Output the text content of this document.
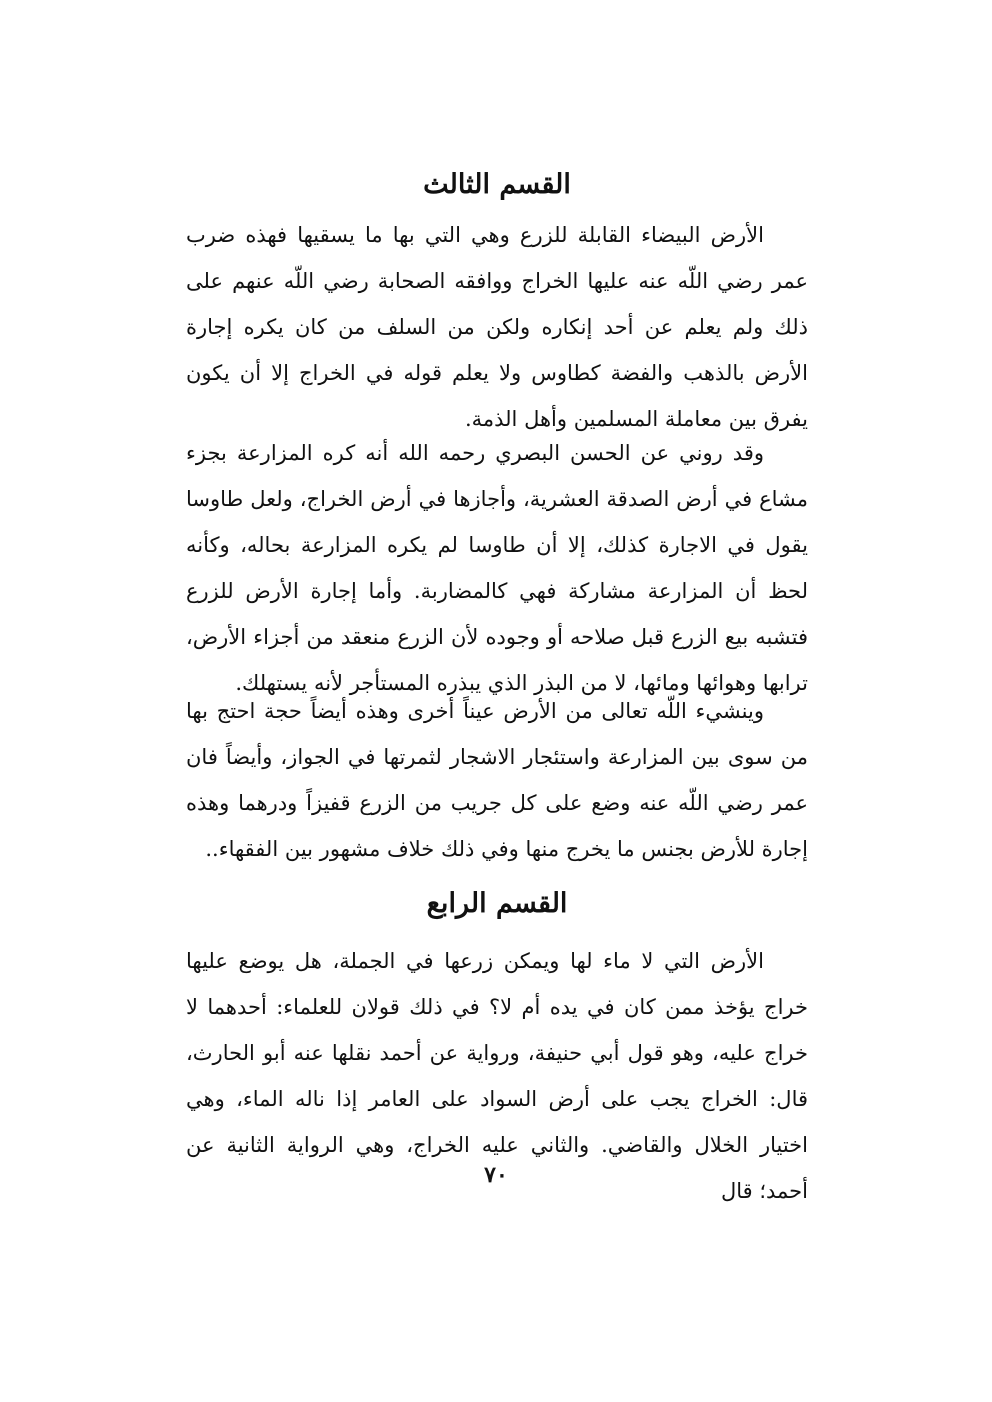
القسم الثالث

الأرض البيضاء القابلة للزرع وهي التي بها ما يسقيها فهذه ضرب عمر رضي اللّه عنه عليها الخراج ووافقه الصحابة رضي اللّه عنهم على ذلك ولم يعلم عن أحد إنكاره ولكن من السلف من كان يكره إجارة الأرض بالذهب والفضة كطاوس ولا يعلم قوله في الخراج إلا أن يكون يفرق بين معاملة المسلمين وأهل الذمة.

وقد روني عن الحسن البصري رحمه الله أنه كره المزارعة بجزء مشاع في أرض الصدقة العشرية، وأجازها في أرض الخراج، ولعل طاوسا يقول في الاجارة كذلك، إلا أن طاوسا لم يكره المزارعة بحاله، وكأنه لحظ أن المزارعة مشاركة فهي كالمضاربة. وأما إجارة الأرض للزرع فتشبه بيع الزرع قبل صلاحه أو وجوده لأن الزرع منعقد من أجزاء الأرض، ترابها وهوائها ومائها، لا من البذر الذي يبذره المستأجر لأنه يستهلك.

وينشيء اللّه تعالى من الأرض عيناً أخرى وهذه أيضاً حجة احتج بها من سوى بين المزارعة واستئجار الاشجار لثمرتها في الجواز، وأيضاً فان عمر رضي اللّه عنه وضع على كل جريب من الزرع قفيزاً ودرهما وهذه إجارة للأرض بجنس ما يخرج منها وفي ذلك خلاف مشهور بين الفقهاء..

القسم الرابع

الأرض التي لا ماء لها ويمكن زرعها في الجملة، هل يوضع عليها خراج يؤخذ ممن كان في يده أم لا؟ في ذلك قولان للعلماء: أحدهما لا خراج عليه، وهو قول أبي حنيفة، ورواية عن أحمد نقلها عنه أبو الحارث، قال: الخراج يجب على أرض السواد على العامر إذا ناله الماء، وهي اختيار الخلال والقاضي. والثاني عليه الخراج، وهي الرواية الثانية عن أحمد؛ قال

٧٠
